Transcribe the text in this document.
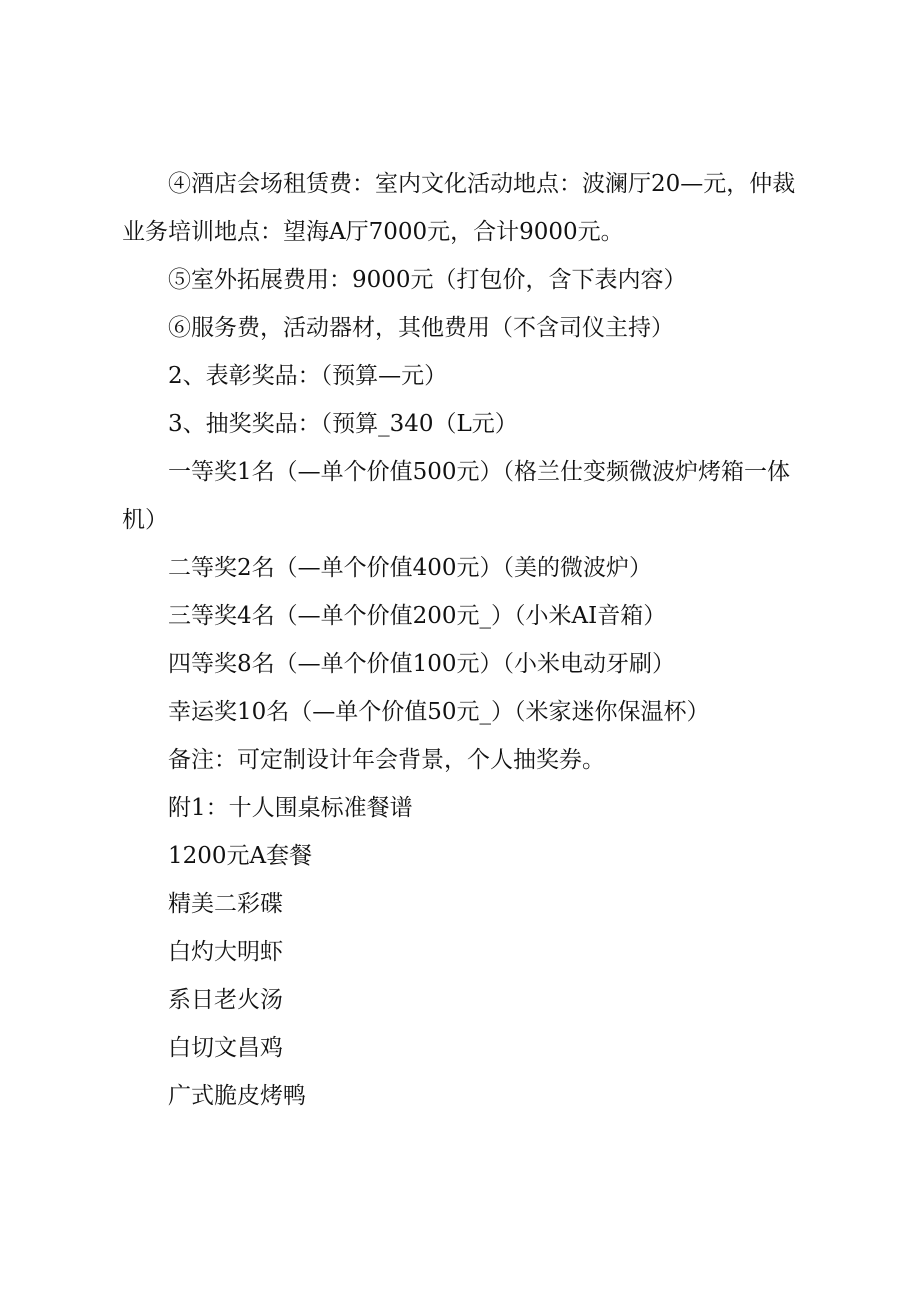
④酒店会场租赁费：室内文化活动地点：波澜厅20—元，仲裁业务培训地点：望海A厅7000元，合计9000元。

⑤室外拓展费用：9000元（打包价，含下表内容）

⑥服务费，活动器材，其他费用（不含司仪主持）

2、表彰奖品：（预算—元）

3、抽奖奖品：（预算_340（L元）

一等奖1名（—单个价值500元）（格兰仕变频微波炉烤箱一体机）

二等奖2名（—单个价值400元）（美的微波炉）

三等奖4名（—单个价值200元_）（小米AI音箱）

四等奖8名（—单个价值100元）（小米电动牙刷）

幸运奖10名（—单个价值50元_）（米家迷你保温杯）

备注：可定制设计年会背景，个人抽奖券。

附1：十人围桌标准餐谱

1200元A套餐

精美二彩碟

白灼大明虾

系日老火汤

白切文昌鸡

广式脆皮烤鸭
